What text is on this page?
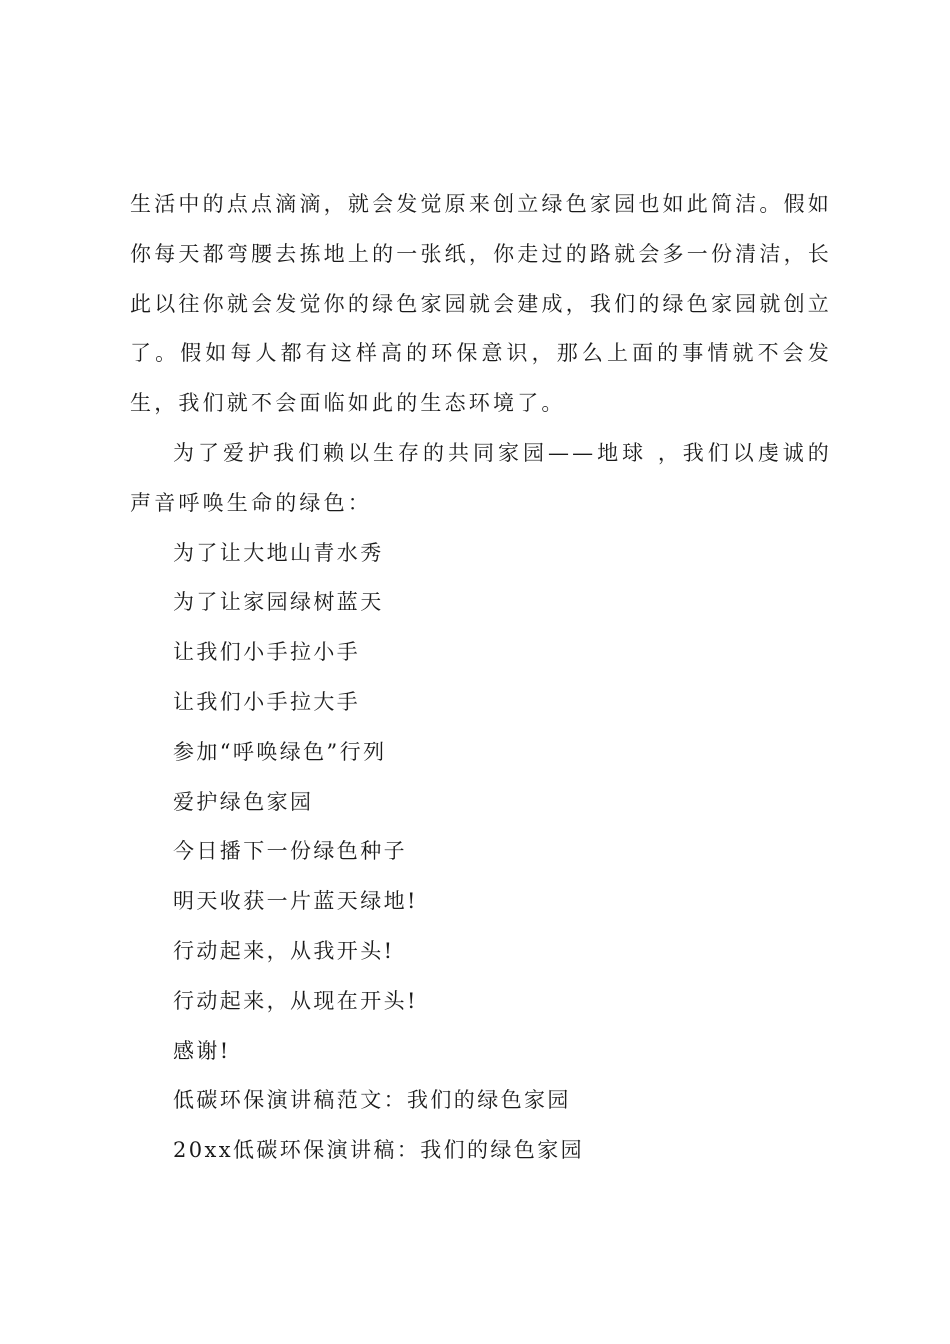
生活中的点点滴滴，就会发觉原来创立绿色家园也如此简洁。假如你每天都弯腰去拣地上的一张纸，你走过的路就会多一份清洁，长此以往你就会发觉你的绿色家园就会建成，我们的绿色家园就创立了。假如每人都有这样高的环保意识，那么上面的事情就不会发生，我们就不会面临如此的生态环境了。

为了爱护我们赖以生存的共同家园——地球 ，我们以虔诚的声音呼唤生命的绿色：

为了让大地山青水秀

为了让家园绿树蓝天

让我们小手拉小手

让我们小手拉大手

参加“呼唤绿色”行列

爱护绿色家园

今日播下一份绿色种子

明天收获一片蓝天绿地!

行动起来，从我开头!

行动起来，从现在开头!

感谢!

低碳环保演讲稿范文：我们的绿色家园

20xx低碳环保演讲稿：我们的绿色家园
